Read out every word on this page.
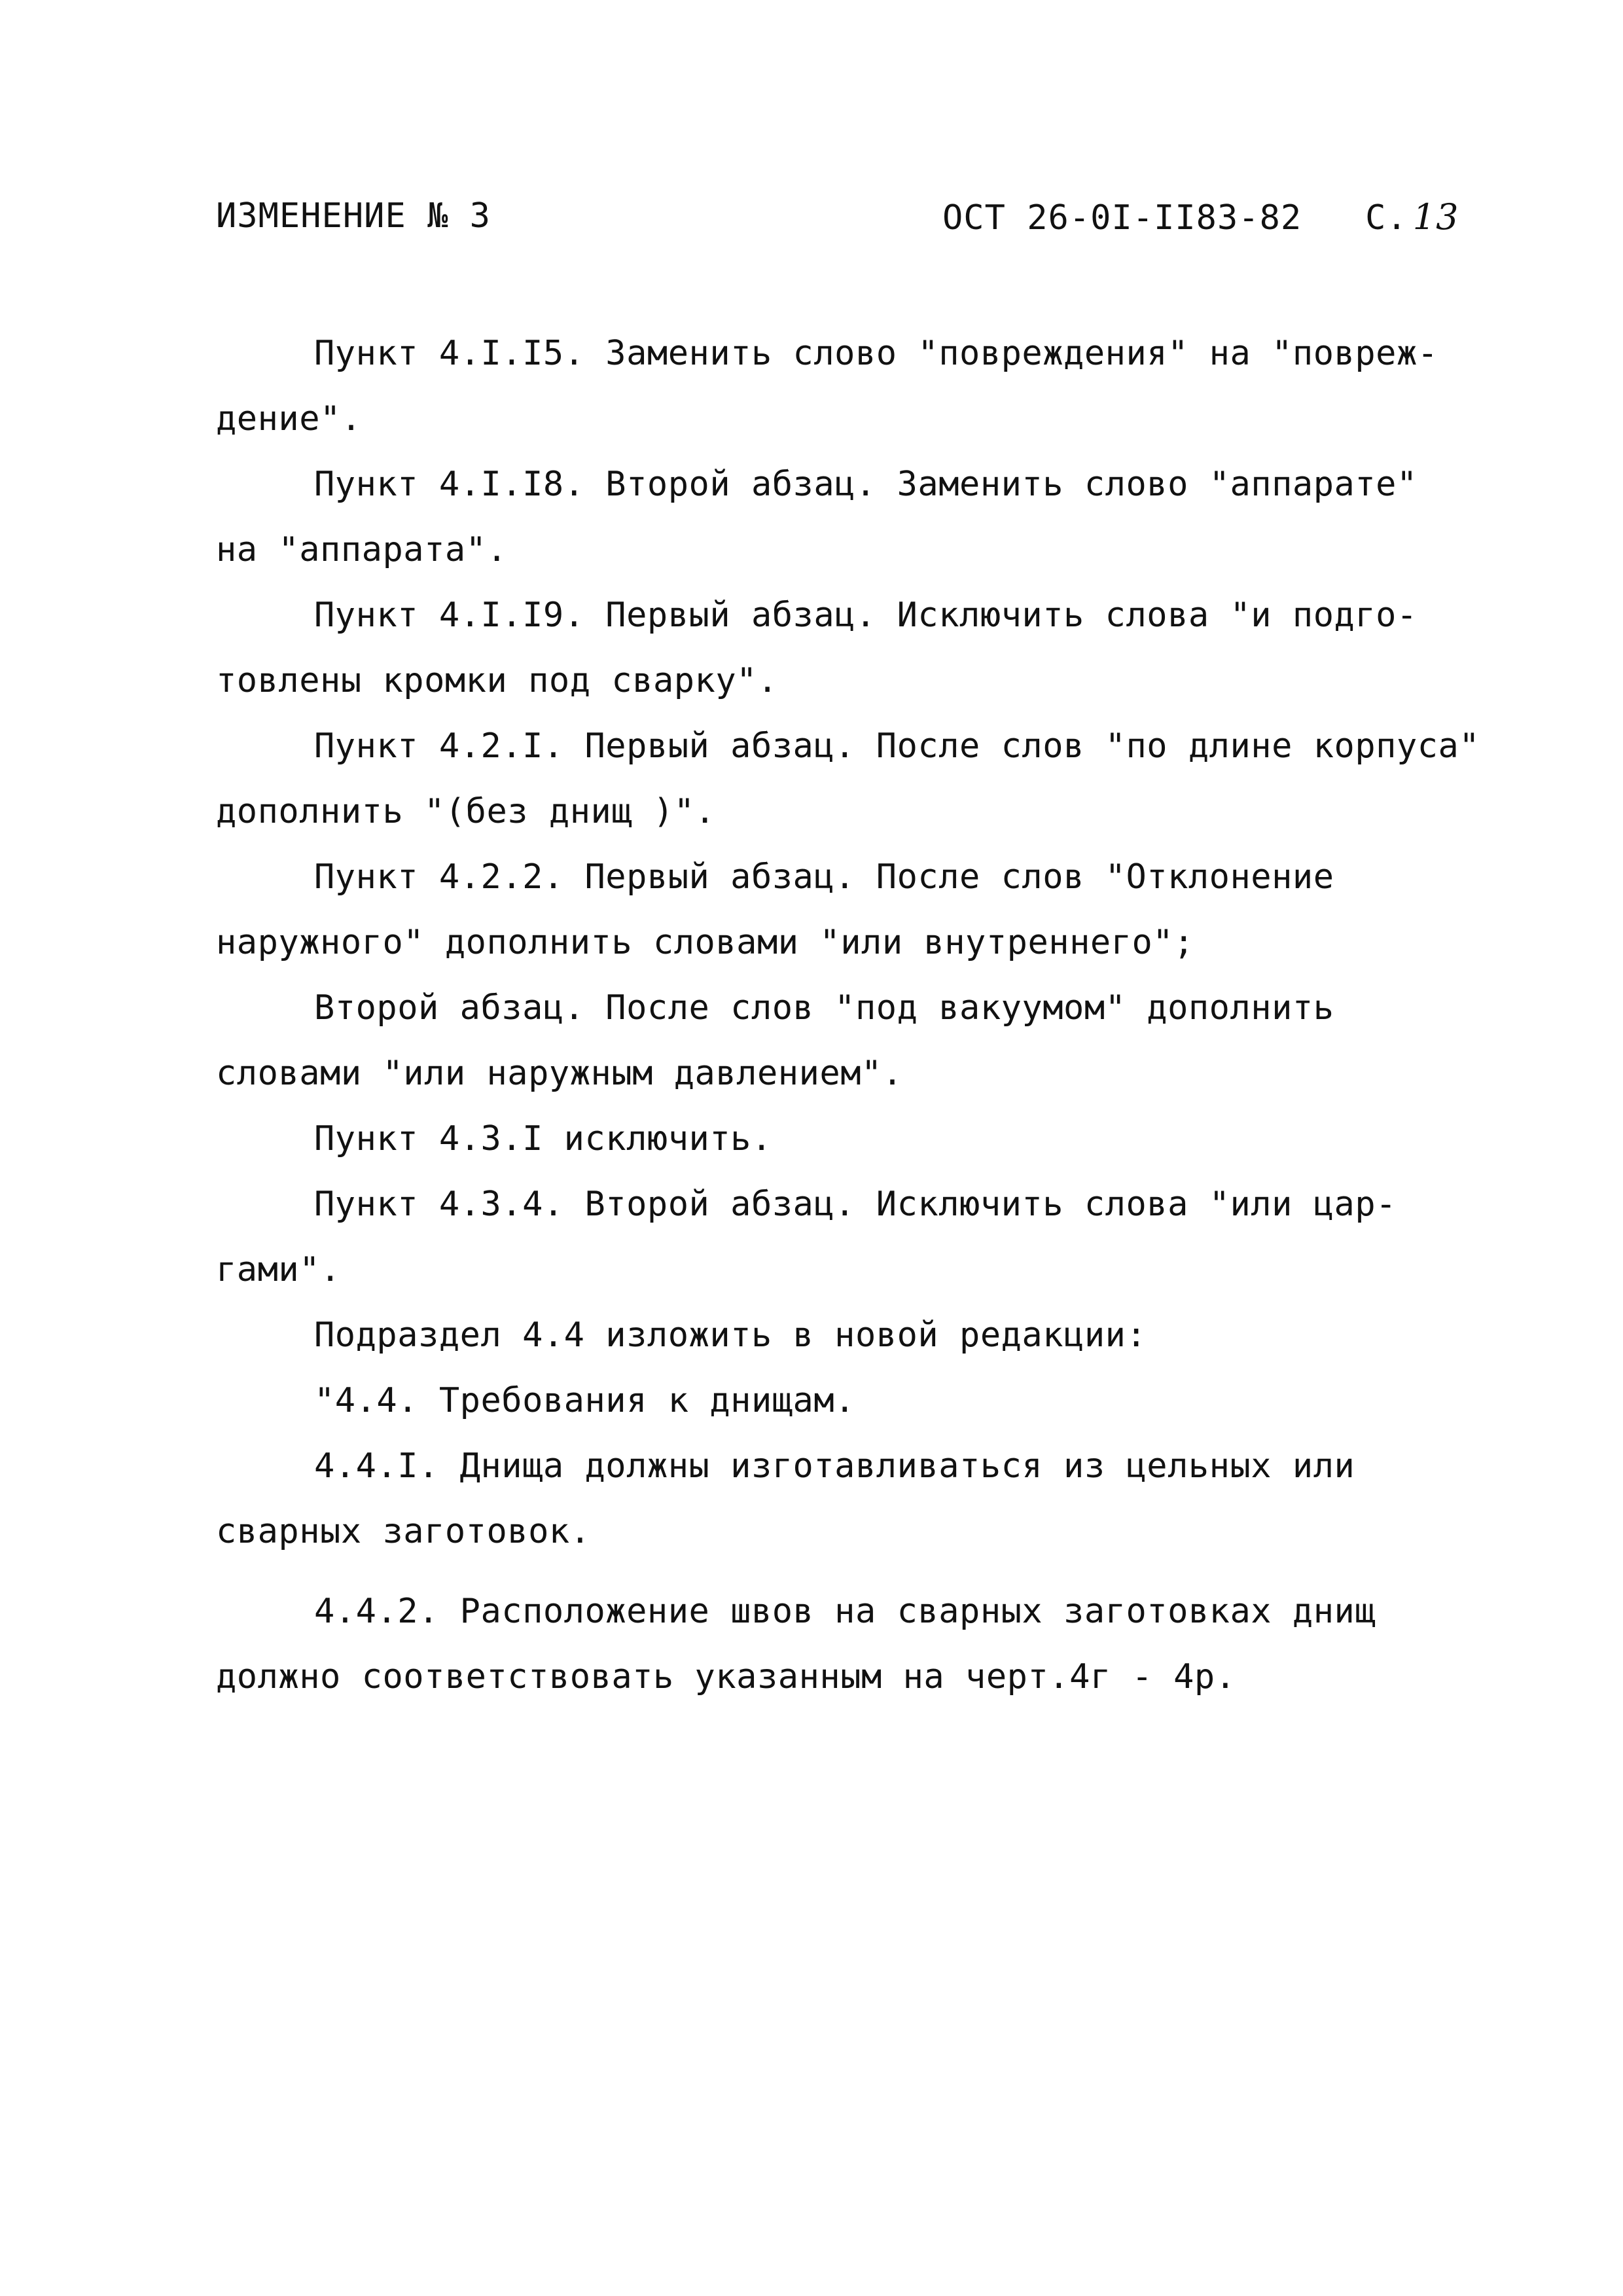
ИЗМЕНЕНИЕ № 3	ОСТ 26-0I-II83-82 С. 13
Пункт 4.I.I5. Заменить слово "повреждения" на "повреж-
дение".
Пункт 4.I.I8. Второй абзац. Заменить слово "аппарате"
на "аппарата".
Пункт 4.I.I9. Первый абзац. Исключить слова "и подго-
товлены кромки под сварку".
Пункт 4.2.I. Первый абзац. После слов "по длине корпуса"
дополнить "(без днищ )".
Пункт 4.2.2. Первый абзац. После слов "Отклонение
наружного" дополнить словами "или внутреннего";
Второй абзац. После слов "под вакуумом" дополнить
словами "или наружным давлением".
Пункт 4.3.I исключить.
Пункт 4.3.4. Второй абзац. Исключить слова "или цар-
гами".
Подраздел 4.4 изложить в новой редакции:
"4.4. Требования к днищам.
4.4.I. Днища должны изготавливаться из цельных или
сварных заготовок.
4.4.2. Расположение швов на сварных заготовках днищ
должно соответствовать указанным на черт.4г - 4р.
